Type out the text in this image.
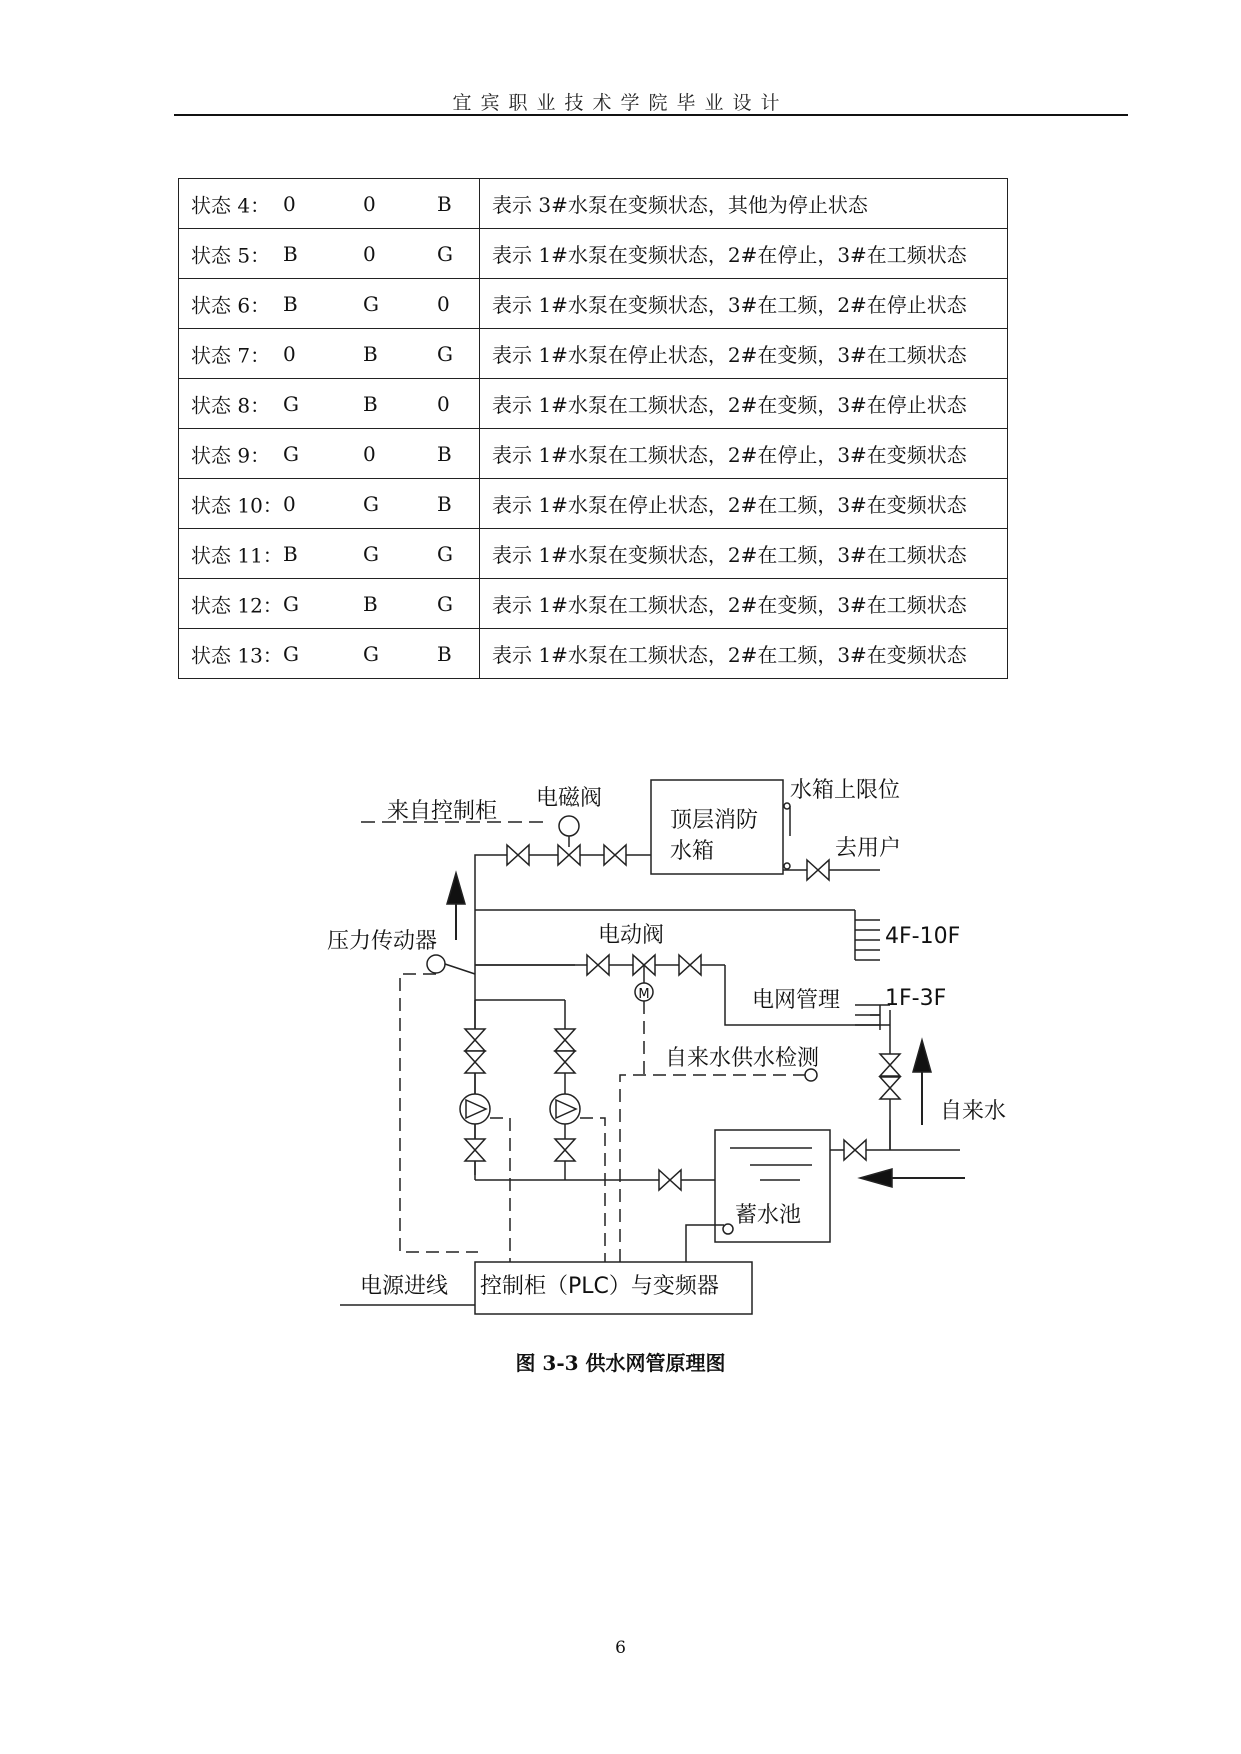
宜宾职业技术学院毕业设计
状态 4： 0 0 B	表示 3#水泵在变频状态，其他为停止状态

状态 5： B 0 G	表示 1#水泵在变频状态，2#在停止，3#在工频状态

状态 6： B G 0	表示 1#水泵在变频状态，3#在工频，2#在停止状态

状态 7： 0 B G	表示 1#水泵在停止状态，2#在变频，3#在工频状态

状态 8： G B 0	表示 1#水泵在工频状态，2#在变频，3#在停止状态

状态 9： G 0 B	表示 1#水泵在工频状态，2#在停止，3#在变频状态

状态 10： 0 G B	表示 1#水泵在停止状态，2#在工频，3#在变频状态

状态 11： B G G	表示 1#水泵在变频状态，2#在工频，3#在工频状态

状态 12： G B G	表示 1#水泵在工频状态，2#在变频，3#在工频状态

状态 13： G G B	表示 1#水泵在工频状态，2#在工频，3#在变频状态
M
来自控制柜
电磁阀
顶层消防
水箱
水箱上限位
去用户
压力传动器	电动阀	4F-10F
电网管理 1F-3F
自来水供水检测
自来水
蓄水池
电源进线 控制柜（PLC）与变频器
图 3-3 供水网管原理图
6
